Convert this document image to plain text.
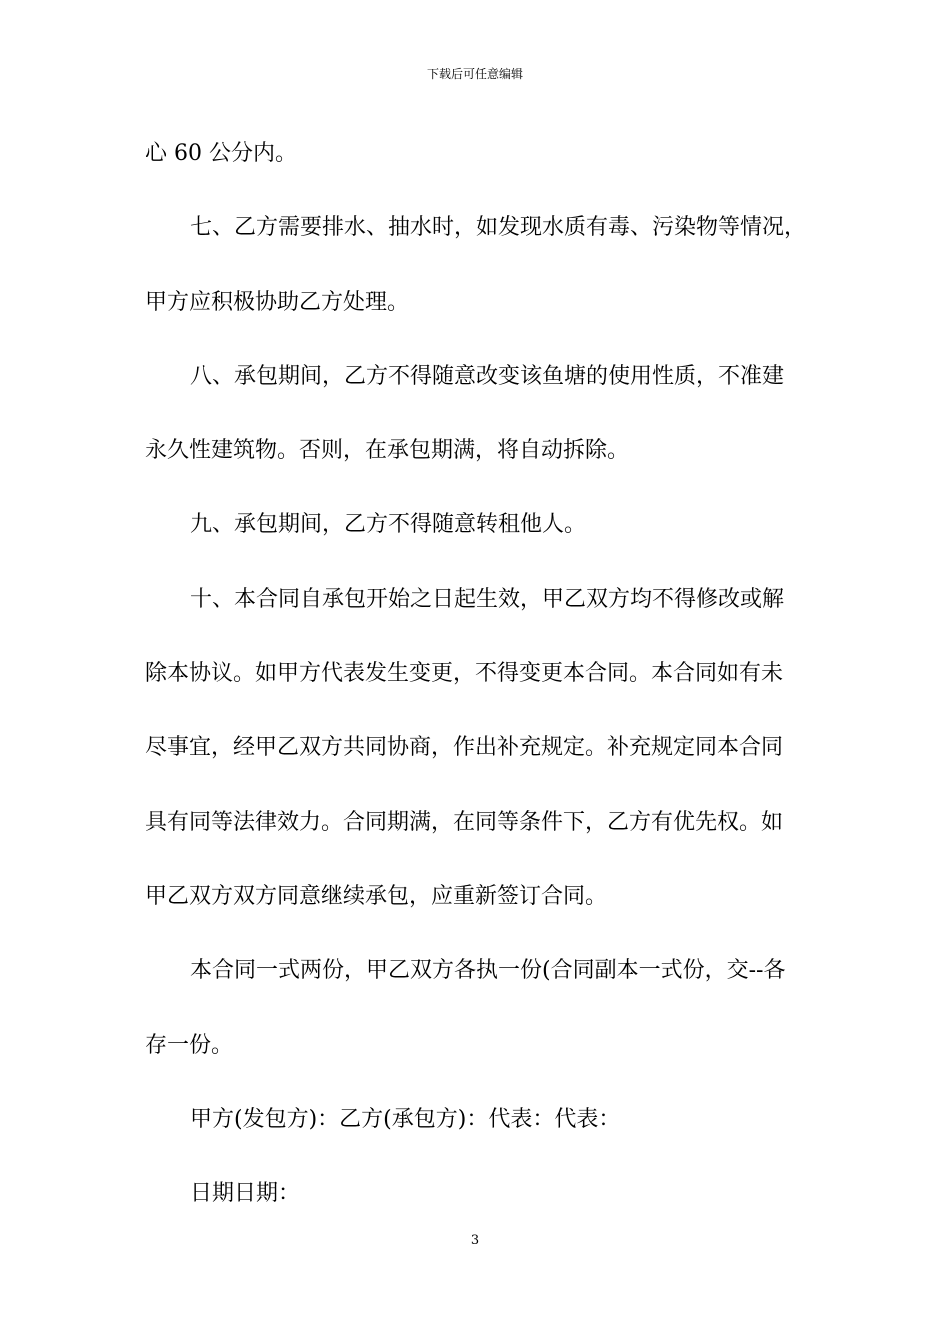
下载后可任意编辑
心 60 公分内。
七、乙方需要排水、抽水时，如发现水质有毒、污染物等情况，
甲方应积极协助乙方处理。
八、承包期间，乙方不得随意改变该鱼塘的使用性质，不准建
永久性建筑物。否则，在承包期满，将自动拆除。
九、承包期间，乙方不得随意转租他人。
十、本合同自承包开始之日起生效，甲乙双方均不得修改或解
除本协议。如甲方代表发生变更，不得变更本合同。本合同如有未
尽事宜，经甲乙双方共同协商，作出补充规定。补充规定同本合同
具有同等法律效力。合同期满，在同等条件下，乙方有优先权。如
甲乙双方双方同意继续承包，应重新签订合同。
本合同一式两份，甲乙双方各执一份(合同副本一式份，交--各
存一份。
甲方(发包方)：乙方(承包方)：代表：代表：
日期日期：
3
